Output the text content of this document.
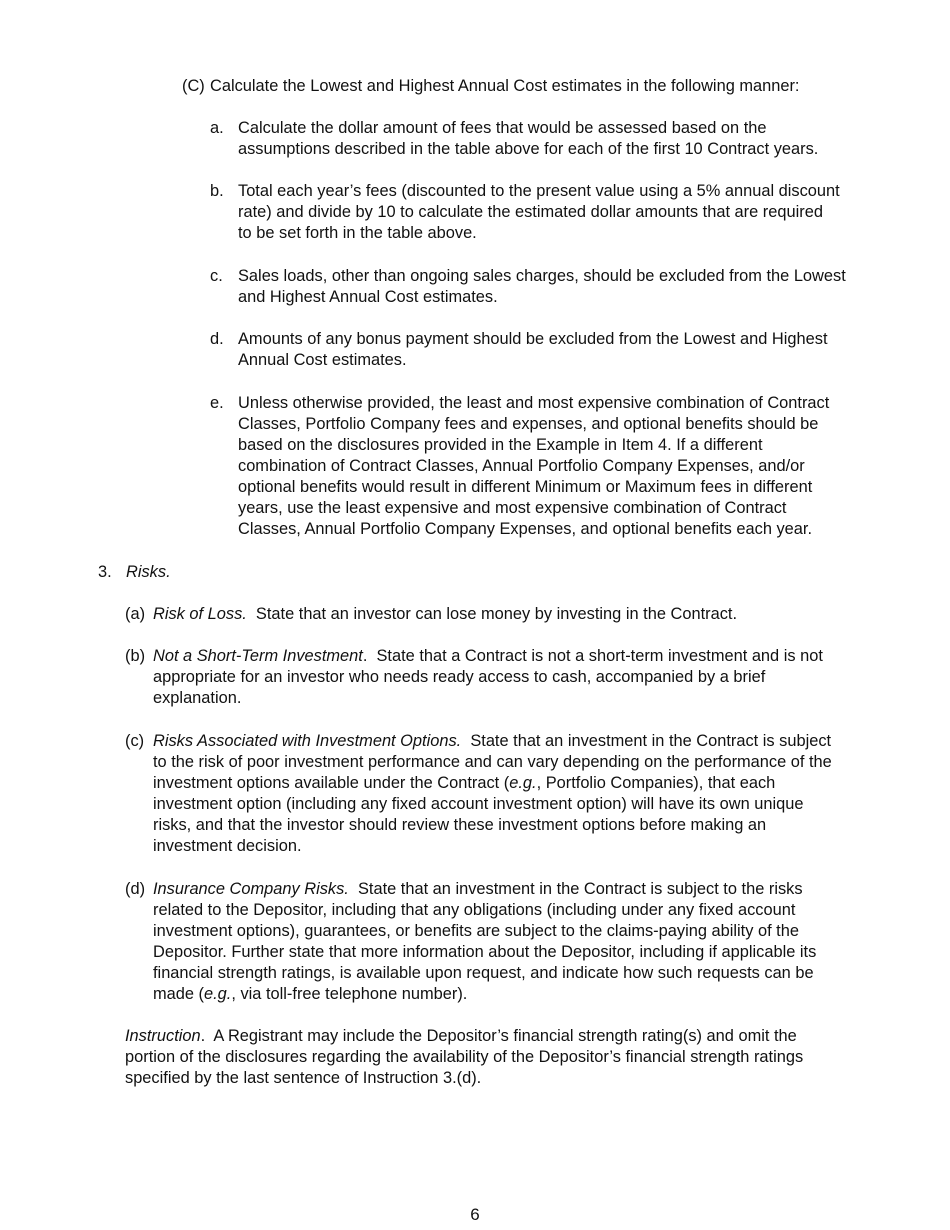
(C) Calculate the Lowest and Highest Annual Cost estimates in the following manner:
a. Calculate the dollar amount of fees that would be assessed based on the

assumptions described in the table above for each of the first 10 Contract years.

b. Total each year’s fees (discounted to the present value using a 5% annual discount

rate) and divide by 10 to calculate the estimated dollar amounts that are required

to be set forth in the table above.

c. Sales loads, other than ongoing sales charges, should be excluded from the Lowest

and Highest Annual Cost estimates.

d. Amounts of any bonus payment should be excluded from the Lowest and Highest

Annual Cost estimates.

e. Unless otherwise provided, the least and most expensive combination of Contract

Classes, Portfolio Company fees and expenses, and optional benefits should be

based on the disclosures provided in the Example in Item 4. If a different

combination of Contract Classes, Annual Portfolio Company Expenses, and/or

optional benefits would result in different Minimum or Maximum fees in different

years, use the least expensive and most expensive combination of Contract

Classes, Annual Portfolio Company Expenses, and optional benefits each year.

3. Risks.
(a) Risk of Loss.  State that an investor can lose money by investing in the Contract.

(b) Not a Short-Term Investment.  State that a Contract is not a short-term investment and is not

appropriate for an investor who needs ready access to cash, accompanied by a brief

explanation.

(c) Risks Associated with Investment Options.  State that an investment in the Contract is subject

to the risk of poor investment performance and can vary depending on the performance of the

investment options available under the Contract (e.g., Portfolio Companies), that each

investment option (including any fixed account investment option) will have its own unique

risks, and that the investor should review these investment options before making an

investment decision.

(d) Insurance Company Risks.  State that an investment in the Contract is subject to the risks

related to the Depositor, including that any obligations (including under any fixed account

investment options), guarantees, or benefits are subject to the claims-paying ability of the

Depositor. Further state that more information about the Depositor, including if applicable its

financial strength ratings, is available upon request, and indicate how such requests can be

made (e.g., via toll-free telephone number).

Instruction.  A Registrant may include the Depositor’s financial strength rating(s) and omit the

portion of the disclosures regarding the availability of the Depositor’s financial strength ratings

specified by the last sentence of Instruction 3.(d).

6
